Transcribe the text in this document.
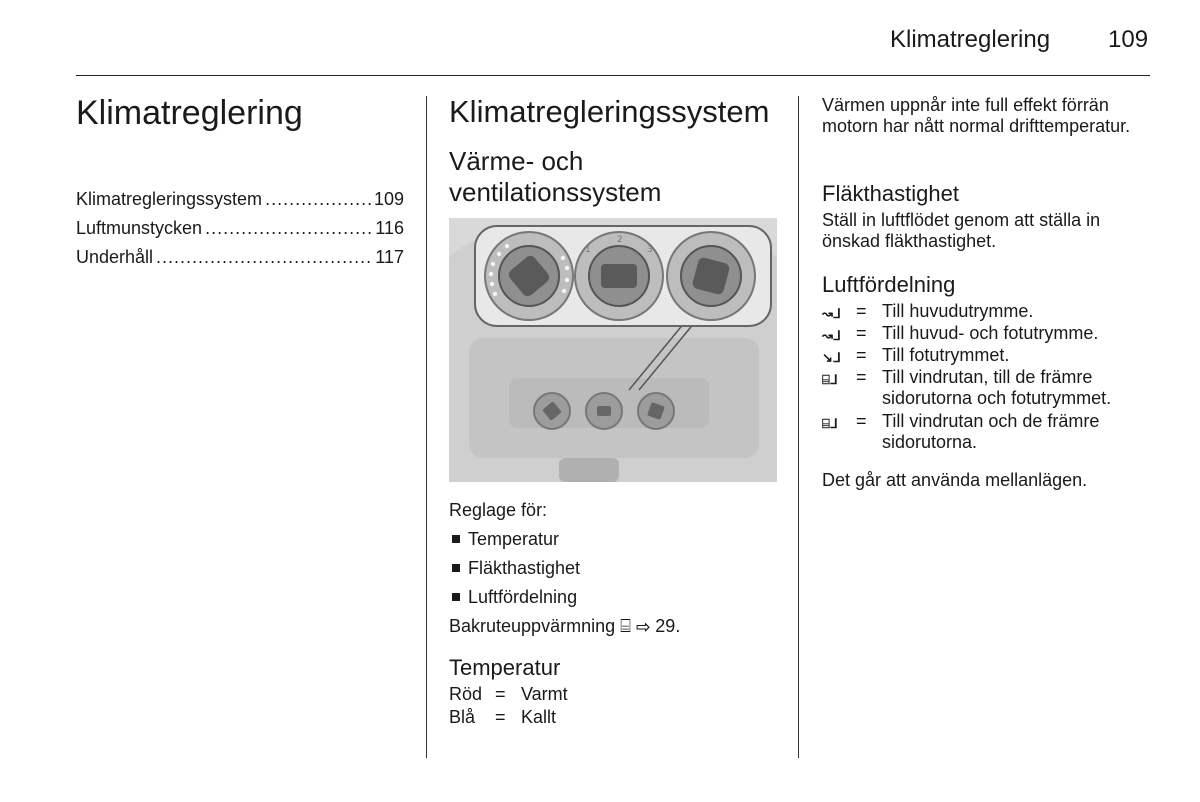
Klimatreglering 109
Klimatreglering
Klimatregleringssystem .....	109
Luftmunstycken .....	116
Underhåll .....	117
Klimatregleringssystem
Värme- och ventilationssystem
1
2
3
Reglage för:
Temperatur
Fläkthastighet
Luftfördelning
Bakruteuppvärmning ⌸ ⇨ 29.
Temperatur
Röd = Varmt
Blå = Kallt
Värmen uppnår inte full effekt förrän motorn har nått normal drifttemperatur.
Fläkthastighet
Ställ in luftflödet genom att ställa in önskad fläkthastighet.
Luftfördelning
↝ᒧ = Till huvudutrymme.
↝ᒧ = Till huvud- och fotutrymme.
↘ᒧ = Till fotutrymmet.
⌸ᒧ	= Till vindrutan, till de främre sidorutorna och fotutrymmet.
⌸ᒧ	= Till vindrutan och de främre sidorutorna.
Det går att använda mellanlägen.
